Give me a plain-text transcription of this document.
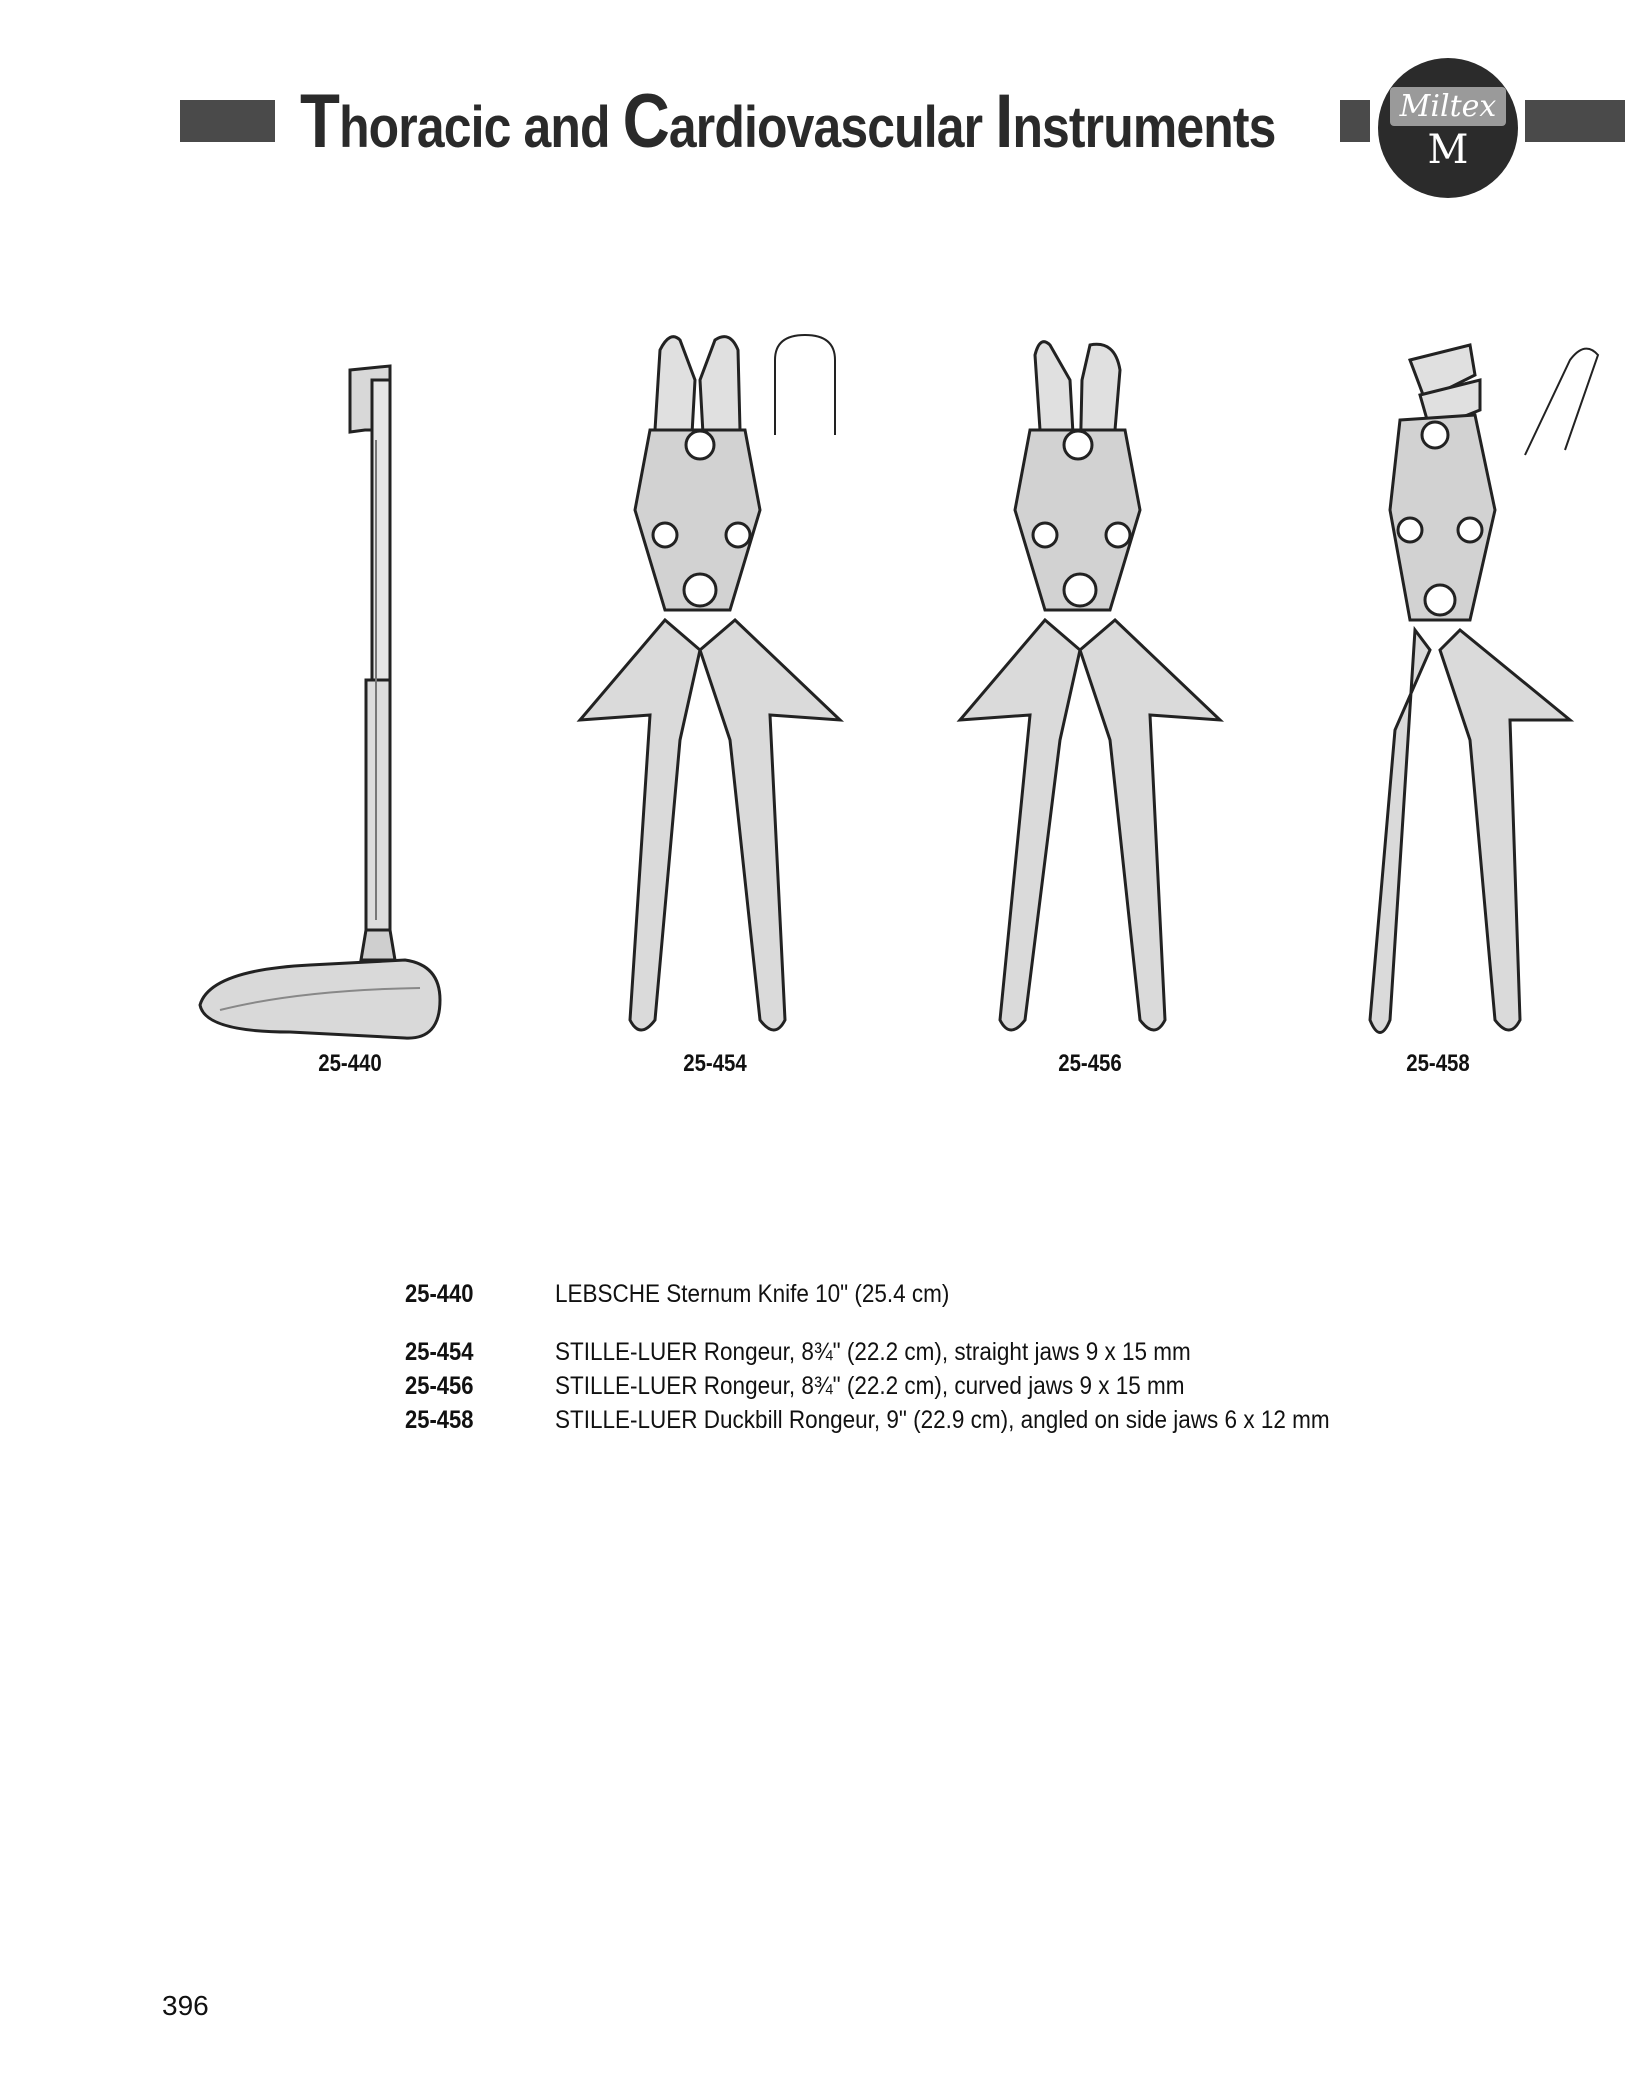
Thoracic and Cardiovascular Instruments	Miltex
M
25-440	25-454	25-456	25-458
25-440	LEBSCHE Sternum Knife 10" (25.4 cm)
25-454	STILLE-LUER Rongeur, 8¾" (22.2 cm), straight jaws 9 x 15 mm
25-456	STILLE-LUER Rongeur, 8¾" (22.2 cm), curved jaws 9 x 15 mm
25-458	STILLE-LUER Duckbill Rongeur, 9" (22.9 cm), angled on side jaws 6 x 12 mm
396
